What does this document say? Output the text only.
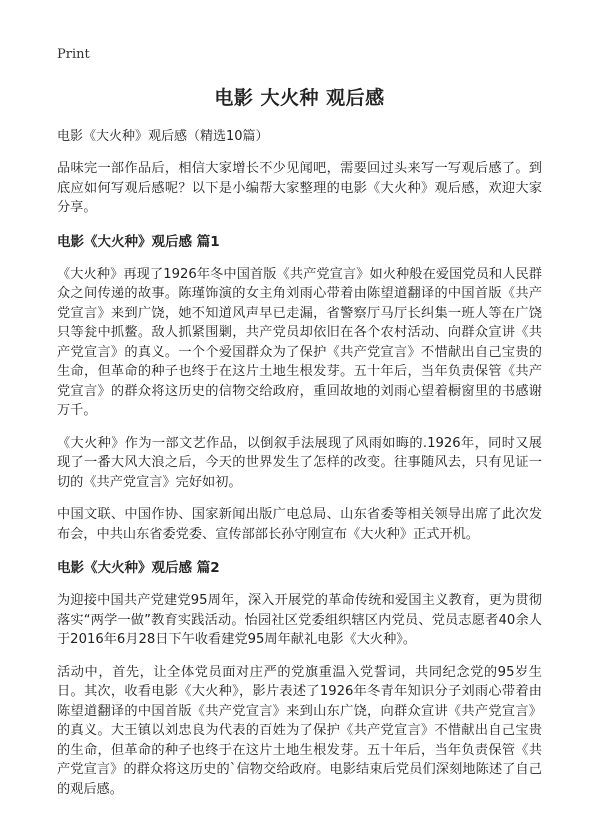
Print
电影 大火种 观后感
电影《大火种》观后感（精选10篇）

品味完一部作品后，相信大家增长不少见闻吧，需要回过头来写一写观后感了。到底应如何写观后感呢？以下是小编帮大家整理的电影《大火种》观后感，欢迎大家分享。

电影《大火种》观后感 篇1

《大火种》再现了1926年冬中国首版《共产党宣言》如火种般在爱国党员和人民群众之间传递的故事。陈瑾饰演的女主角刘雨心带着由陈望道翻译的中国首版《共产党宣言》来到广饶，她不知道风声早已走漏，省警察厅马厅长纠集一班人等在广饶只等瓮中抓鳖。敌人抓紧围剿，共产党员却依旧在各个农村活动、向群众宣讲《共产党宣言》的真义。一个个爱国群众为了保护《共产党宣言》不惜献出自己宝贵的生命，但革命的种子也终于在这片土地生根发芽。五十年后，当年负责保管《共产党宣言》的群众将这历史的信物交给政府，重回故地的刘雨心望着橱窗里的书感谢万千。

《大火种》作为一部文艺作品，以倒叙手法展现了风雨如晦的.1926年，同时又展现了一番大风大浪之后，今天的世界发生了怎样的改变。往事随风去，只有见证一切的《共产党宣言》完好如初。

中国文联、中国作协、国家新闻出版广电总局、山东省委等相关领导出席了此次发布会，中共山东省委党委、宣传部部长孙守刚宣布《大火种》正式开机。

电影《大火种》观后感 篇2

为迎接中国共产党建党95周年，深入开展党的革命传统和爱国主义教育，更为贯彻落实“两学一做”教育实践活动。怡园社区党委组织辖区内党员、党员志愿者40余人于2016年6月28日下午收看建党95周年献礼电影《大火种》。

活动中，首先，让全体党员面对庄严的党旗重温入党誓词，共同纪念党的95岁生日。其次，收看电影《大火种》，影片表述了1926年冬青年知识分子刘雨心带着由陈望道翻译的中国首版《共产党宣言》来到山东广饶，向群众宣讲《共产党宣言》的真义。大王镇以刘忠良为代表的百姓为了保护《共产党宣言》不惜献出自己宝贵的生命，但革命的种子也终于在这片土地生根发芽。五十年后，当年负责保管《共产党宣言》的群众将这历史的`信物交给政府。电影结束后党员们深刻地陈述了自己的观后感。
